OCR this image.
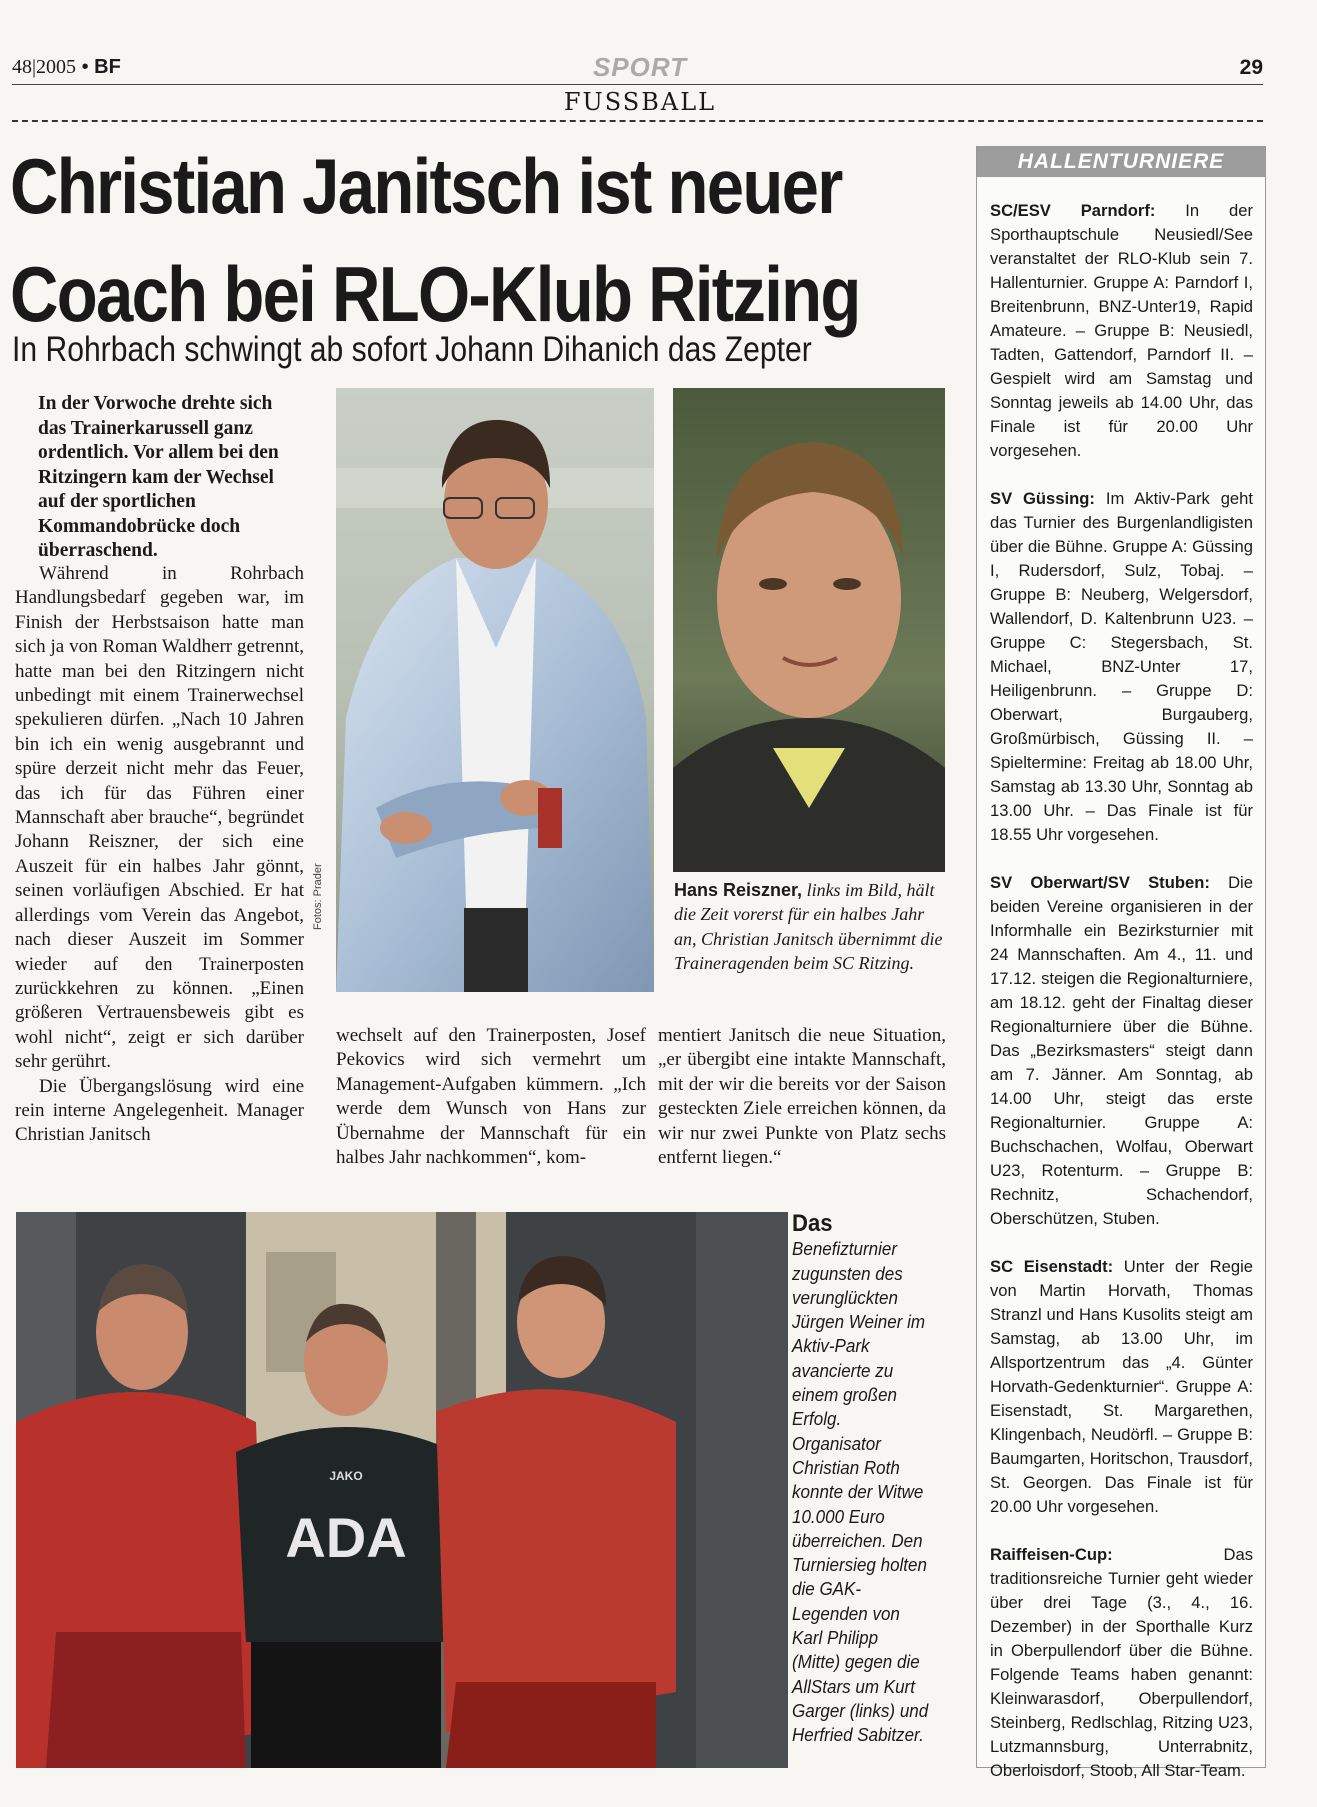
48|2005 • BF	SPORT	29
FUSSBALL
Christian Janitsch ist neuer
Coach bei RLO-Klub Ritzing
In Rohrbach schwingt ab sofort Johann Dihanich das Zepter
In der Vorwoche drehte sich das Trainerkarussell ganz ordentlich. Vor allem bei den Ritzingern kam der Wechsel auf der sportlichen Kommandobrücke doch überraschend.

Während in Rohrbach Handlungsbedarf gegeben war, im Finish der Herbstsaison hatte man sich ja von Roman Waldherr getrennt, hatte man bei den Ritzingern nicht unbedingt mit einem Trainerwechsel spekulieren dürfen. „Nach 10 Jahren bin ich ein wenig ausgebrannt und spüre derzeit nicht mehr das Feuer, das ich für das Führen einer Mannschaft aber brauche“, begründet Johann Reiszner, der sich eine Auszeit für ein halbes Jahr gönnt, seinen vorläufigen Abschied. Er hat allerdings vom Verein das Angebot, nach dieser Auszeit im Sommer wieder auf den Trainerposten zurückkehren zu können. „Einen größeren Vertrauensbeweis gibt es wohl nicht“, zeigt er sich darüber sehr gerührt.

Die Übergangslösung wird eine rein interne Angelegenheit. Manager Christian Janitsch

Fotos: Prader	Hans Reiszner, links im Bild, hält die Zeit vorerst für ein halbes Jahr an, Christian Janitsch übernimmt die Traineragenden beim SC Ritzing.

wechselt auf den Trainerposten, Josef Pekovics wird sich vermehrt um Management-Aufgaben kümmern. „Ich werde dem Wunsch von Hans zur Übernahme der Mannschaft für ein halbes Jahr nachkommen“, kom-

mentiert Janitsch die neue Situation, „er übergibt eine intakte Mannschaft, mit der wir die bereits vor der Saison gesteckten Ziele erreichen können, da wir nur zwei Punkte von Platz sechs entfernt liegen.“

ADA
JAKO
Das Benefizturnier zugunsten des verunglückten Jürgen Weiner im Aktiv-Park avancierte zu einem großen Erfolg. Organisator Christian Roth konnte der Witwe 10.000 Euro überreichen. Den Turniersieg holten die GAK-Legenden von Karl Philipp (Mitte) gegen die AllStars um Kurt Garger (links) und Herfried Sabitzer.
HALLENTURNIERE

SC/ESV Parndorf: In der Sporthauptschule Neusiedl/See veranstaltet der RLO-Klub sein 7. Hallenturnier. Gruppe A: Parndorf I, Breitenbrunn, BNZ-Unter19, Rapid Amateure. – Gruppe B: Neusiedl, Tadten, Gattendorf, Parndorf II. – Gespielt wird am Samstag und Sonntag jeweils ab 14.00 Uhr, das Finale ist für 20.00 Uhr vorgesehen.

SV Güssing: Im Aktiv-Park geht das Turnier des Burgenlandligisten über die Bühne. Gruppe A: Güssing I, Rudersdorf, Sulz, Tobaj. – Gruppe B: Neuberg, Welgersdorf, Wallendorf, D. Kaltenbrunn U23. – Gruppe C: Stegersbach, St. Michael, BNZ-Unter 17, Heiligenbrunn. – Gruppe D: Oberwart, Burgauberg, Großmürbisch, Güssing II. – Spieltermine: Freitag ab 18.00 Uhr, Samstag ab 13.30 Uhr, Sonntag ab 13.00 Uhr. – Das Finale ist für 18.55 Uhr vorgesehen.

SV Oberwart/SV Stuben: Die beiden Vereine organisieren in der Informhalle ein Bezirksturnier mit 24 Mannschaften. Am 4., 11. und 17.12. steigen die Regionalturniere, am 18.12. geht der Finaltag dieser Regionalturniere über die Bühne. Das „Bezirksmasters“ steigt dann am 7. Jänner. Am Sonntag, ab 14.00 Uhr, steigt das erste Regionalturnier. Gruppe A: Buchschachen, Wolfau, Oberwart U23, Rotenturm. – Gruppe B: Rechnitz, Schachendorf, Oberschützen, Stuben.

SC Eisenstadt: Unter der Regie von Martin Horvath, Thomas Stranzl und Hans Kusolits steigt am Samstag, ab 13.00 Uhr, im Allsportzentrum das „4. Günter Horvath-Gedenkturnier“. Gruppe A: Eisenstadt, St. Margarethen, Klingenbach, Neudörfl. – Gruppe B: Baumgarten, Horitschon, Trausdorf, St. Georgen. Das Finale ist für 20.00 Uhr vorgesehen.

Raiffeisen-Cup:	Das traditionsreiche Turnier geht wieder über drei Tage (3., 4., 16. Dezember) in der Sporthalle Kurz in Oberpullendorf über die Bühne. Folgende Teams haben genannt: Kleinwarasdorf, Oberpullendorf, Steinberg, Redlschlag, Ritzing U23, Lutzmannsburg, Unterrabnitz, Oberloisdorf, Stoob, All Star-Team.
